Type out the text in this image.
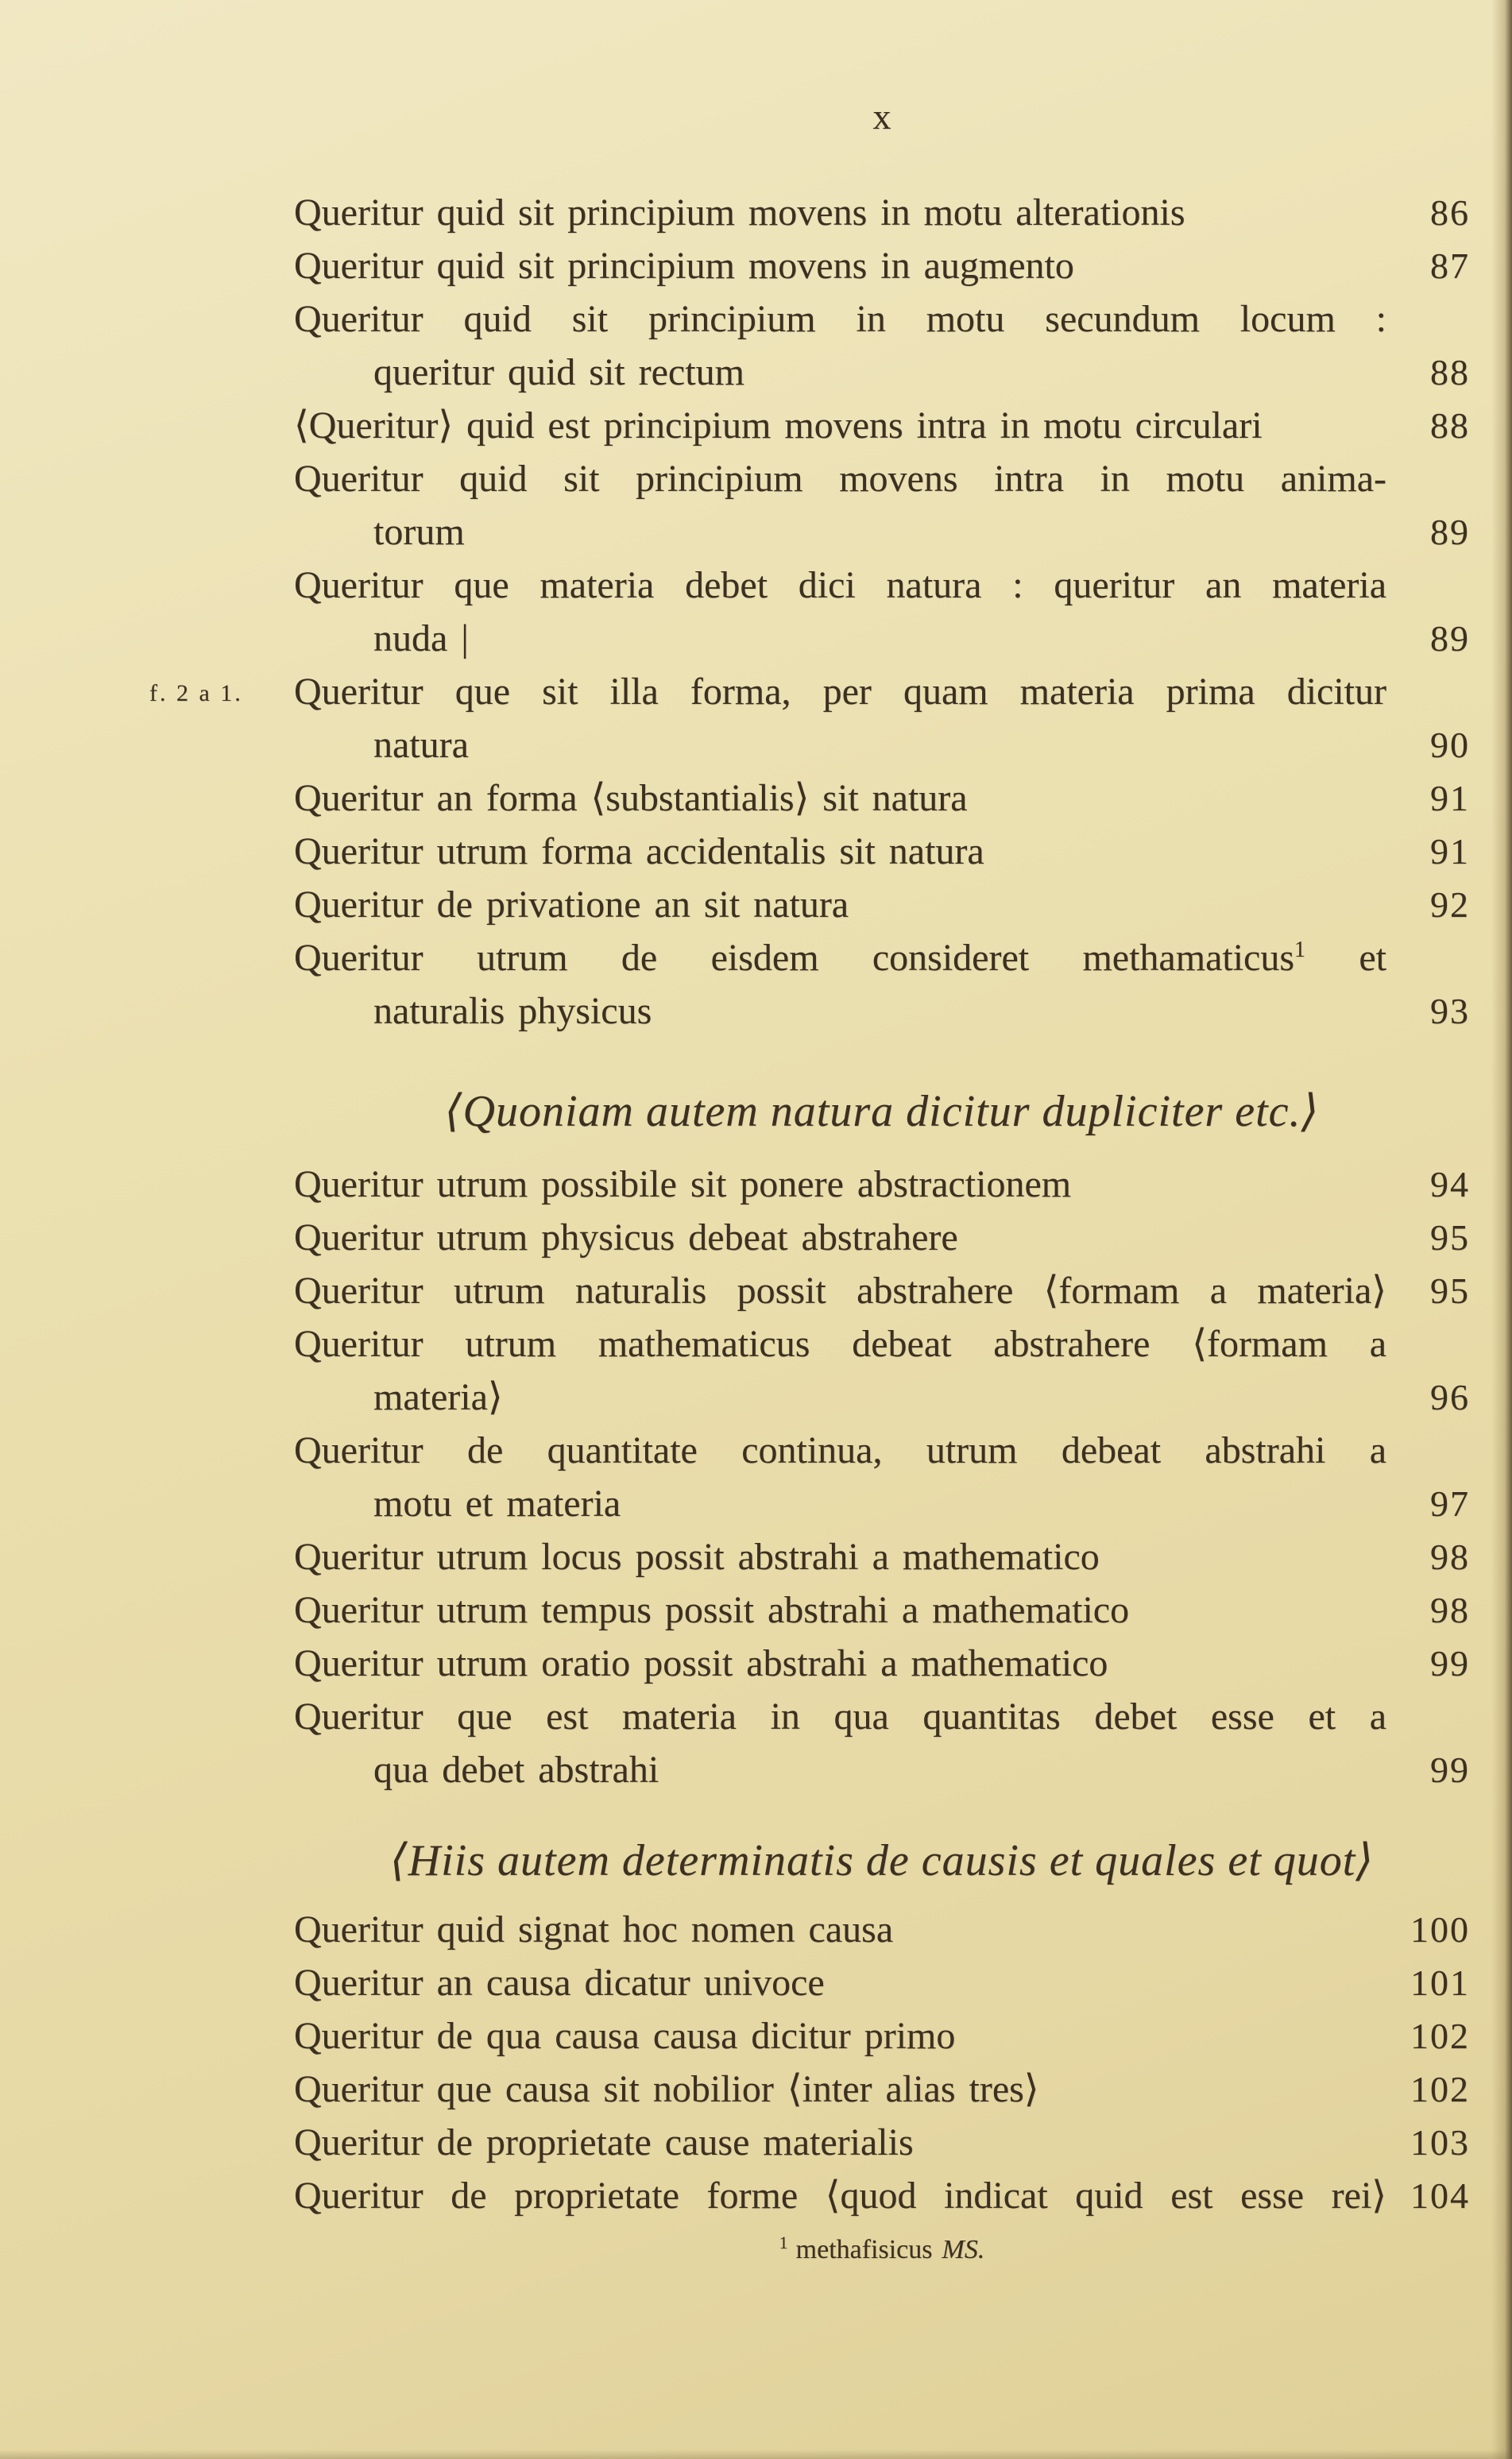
x
Queritur quid sit principium movens in motu alterationis	86
Queritur quid sit principium movens in augmento	87
Queritur quid sit principium in motu secundum locum :
queritur quid sit rectum	88
⟨Queritur⟩ quid est principium movens intra in motu circulari	88
Queritur quid sit principium movens intra in motu anima-
torum	89
Queritur que materia debet dici natura : queritur an materia
nuda |	89
f. 2 a 1. Queritur que sit illa forma, per quam materia prima dicitur
natura	90
Queritur an forma ⟨substantialis⟩ sit natura	91
Queritur utrum forma accidentalis sit natura	91
Queritur de privatione an sit natura	92
Queritur utrum de eisdem consideret methamaticus$^1$ et
naturalis physicus	93
⟨Quoniam autem natura dicitur dupliciter etc.⟩
Queritur utrum possibile sit ponere abstractionem	94
Queritur utrum physicus debeat abstrahere	95
Queritur utrum naturalis possit abstrahere ⟨formam a materia⟩	95
Queritur utrum mathematicus debeat abstrahere ⟨formam a
materia⟩	96
Queritur de quantitate continua, utrum debeat abstrahi a
motu et materia	97
Queritur utrum locus possit abstrahi a mathematico	98
Queritur utrum tempus possit abstrahi a mathematico	98
Queritur utrum oratio possit abstrahi a mathematico	99
Queritur que est materia in qua quantitas debet esse et a
qua debet abstrahi	99
⟨Hiis autem determinatis de causis et quales et quot⟩
Queritur quid signat hoc nomen causa	100
Queritur an causa dicatur univoce	101
Queritur de qua causa causa dicitur primo	102
Queritur que causa sit nobilior ⟨inter alias tres⟩	102
Queritur de proprietate cause materialis	103
Queritur de proprietate forme ⟨quod indicat quid est esse rei⟩ 104
$^1$ methafisicus MS.
